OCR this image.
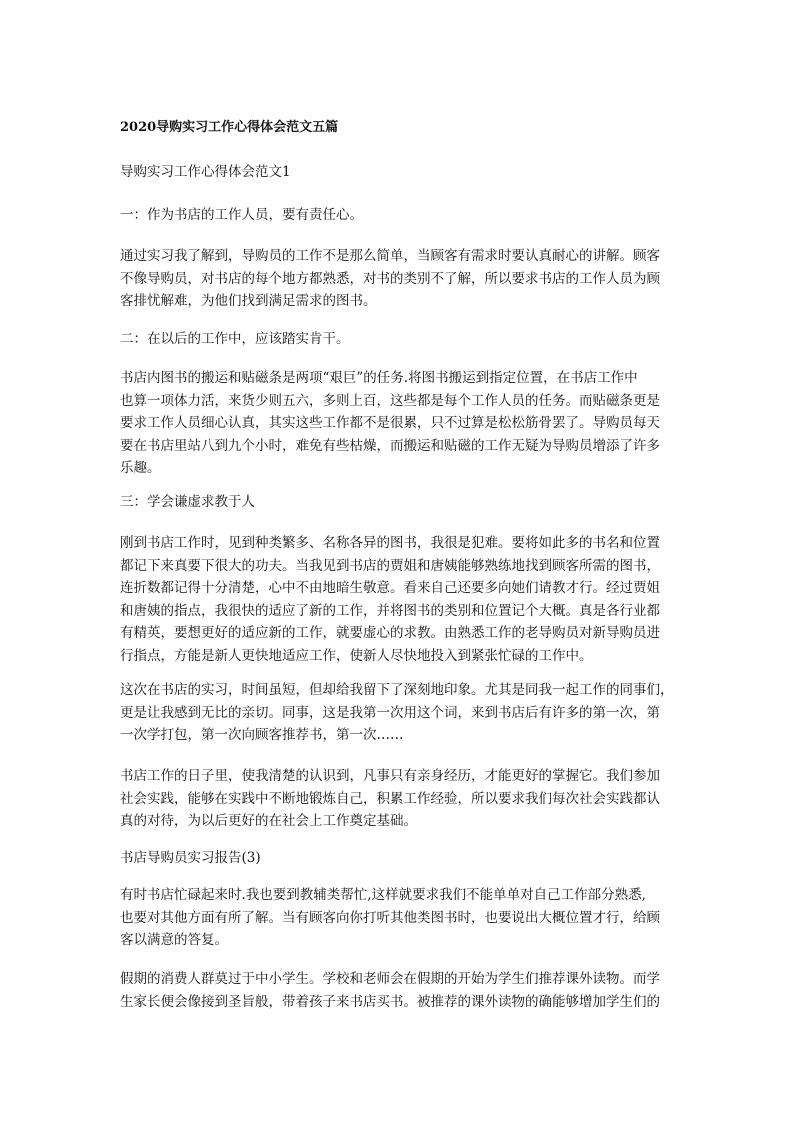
2020导购实习工作心得体会范文五篇
导购实习工作心得体会范文1
一：作为书店的工作人员，要有责任心。
通过实习我了解到，导购员的工作不是那么简单，当顾客有需求时要认真耐心的讲解。顾客
不像导购员，对书店的每个地方都熟悉，对书的类别不了解，所以要求书店的工作人员为顾
客排忧解难，为他们找到满足需求的图书。
二：在以后的工作中，应该踏实肯干。
书店内图书的搬运和贴磁条是两项“艰巨”的任务.将图书搬运到指定位置，在书店工作中
也算一项体力活，来货少则五六，多则上百，这些都是每个工作人员的任务。而贴磁条更是
要求工作人员细心认真，其实这些工作都不是很累，只不过算是松松筋骨罢了。导购员每天
要在书店里站八到九个小时，难免有些枯燥，而搬运和贴磁的工作无疑为导购员增添了许多
乐趣。
三：学会谦虚求教于人
刚到书店工作时，见到种类繁多、名称各异的图书，我很是犯难。要将如此多的书名和位置
都记下来真要下很大的功夫。当我见到书店的贾姐和唐姨能够熟练地找到顾客所需的图书，
连折数都记得十分清楚，心中不由地暗生敬意。看来自己还要多向她们请教才行。经过贾姐
和唐姨的指点，我很快的适应了新的工作，并将图书的类别和位置记个大概。真是各行业都
有精英，要想更好的适应新的工作，就要虚心的求教。由熟悉工作的老导购员对新导购员进
行指点，方能是新人更快地适应工作，使新人尽快地投入到紧张忙碌的工作中。
这次在书店的实习，时间虽短，但却给我留下了深刻地印象。尤其是同我一起工作的同事们，
更是让我感到无比的亲切。同事，这是我第一次用这个词，来到书店后有许多的第一次，第
一次学打包，第一次向顾客推荐书，第一次……
书店工作的日子里，使我清楚的认识到，凡事只有亲身经历，才能更好的掌握它。我们参加
社会实践，能够在实践中不断地锻炼自己，积累工作经验，所以要求我们每次社会实践都认
真的对待，为以后更好的在社会上工作奠定基础。
书店导购员实习报告(3)
有时书店忙碌起来时.我也要到教辅类帮忙,这样就要求我们不能单单对自己工作部分熟悉,
也要对其他方面有所了解。当有顾客向你打听其他类图书时，也要说出大概位置才行，给顾
客以满意的答复。
假期的消费人群莫过于中小学生。学校和老师会在假期的开始为学生们推荐课外读物。而学
生家长便会像接到圣旨般，带着孩子来书店买书。被推荐的课外读物的确能够增加学生们的
